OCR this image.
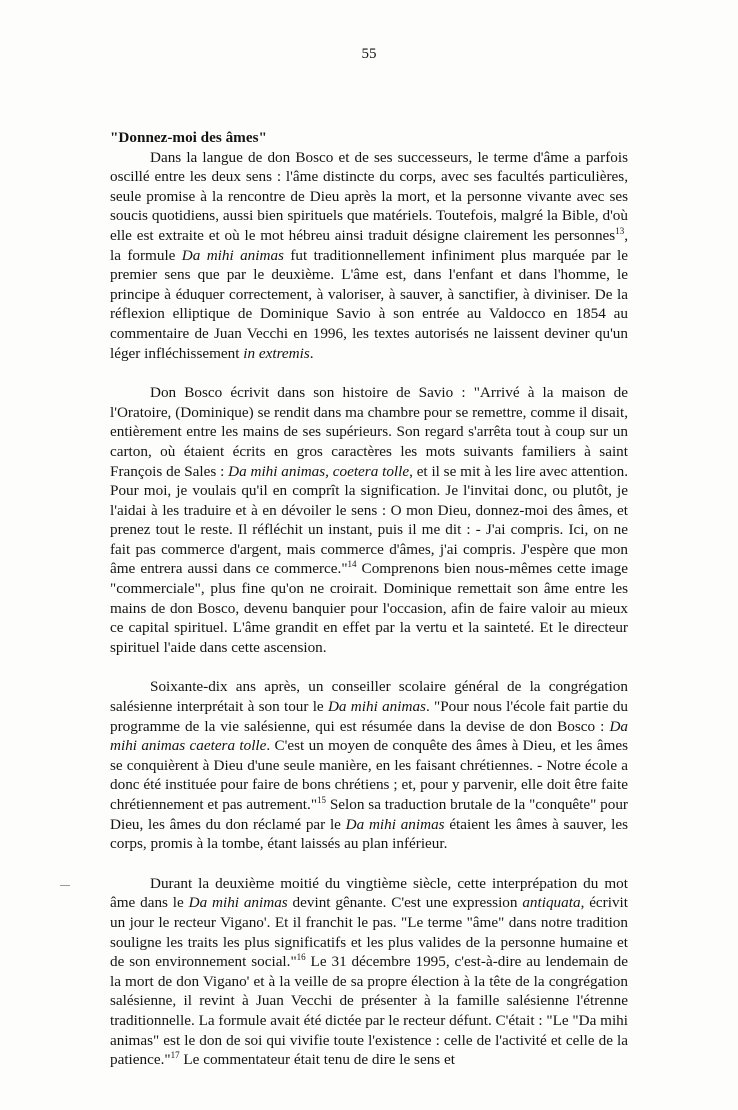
55
"Donnez-moi des âmes"

Dans la langue de don Bosco et de ses successeurs, le terme d'âme a parfois oscillé entre les deux sens : l'âme distincte du corps, avec ses facultés particulières, seule promise à la rencontre de Dieu après la mort, et la personne vivante avec ses soucis quotidiens, aussi bien spirituels que matériels. Toutefois, malgré la Bible, d'où elle est extraite et où le mot hébreu ainsi traduit désigne clairement les personnes$^{13}$, la formule Da mihi animas fut traditionnellement infiniment plus marquée par le premier sens que par le deuxième. L'âme est, dans l'enfant et dans l'homme, le principe à éduquer correctement, à valoriser, à sauver, à sanctifier, à diviniser. De la réflexion elliptique de Dominique Savio à son entrée au Valdocco en 1854 au commentaire de Juan Vecchi en 1996, les textes autorisés ne laissent deviner qu'un léger infléchissement in extremis.

Don Bosco écrivit dans son histoire de Savio : "Arrivé à la maison de l'Oratoire, (Dominique) se rendit dans ma chambre pour se remettre, comme il disait, entièrement entre les mains de ses supérieurs. Son regard s'arrêta tout à coup sur un carton, où étaient écrits en gros caractères les mots suivants familiers à saint François de Sales : Da mihi animas, coetera tolle, et il se mit à les lire avec attention. Pour moi, je voulais qu'il en comprît la signification. Je l'invitai donc, ou plutôt, je l'aidai à les traduire et à en dévoiler le sens : O mon Dieu, donnez-moi des âmes, et prenez tout le reste. Il réfléchit un instant, puis il me dit : - J'ai compris. Ici, on ne fait pas commerce d'argent, mais commerce d'âmes, j'ai compris. J'espère que mon âme entrera aussi dans ce commerce."$^{14}$ Comprenons bien nous-mêmes cette image "commerciale", plus fine qu'on ne croirait. Dominique remettait son âme entre les mains de don Bosco, devenu banquier pour l'occasion, afin de faire valoir au mieux ce capital spirituel. L'âme grandit en effet par la vertu et la sainteté. Et le directeur spirituel l'aide dans cette ascension.

Soixante-dix ans après, un conseiller scolaire général de la congrégation salésienne interprétait à son tour le Da mihi animas. "Pour nous l'école fait partie du programme de la vie salésienne, qui est résumée dans la devise de don Bosco : Da mihi animas caetera tolle. C'est un moyen de conquête des âmes à Dieu, et les âmes se conquièrent à Dieu d'une seule manière, en les faisant chrétiennes. - Notre école a donc été instituée pour faire de bons chrétiens ; et, pour y parvenir, elle doit être faite chrétiennement et pas autrement."$^{15}$ Selon sa traduction brutale de la "conquête" pour Dieu, les âmes du don réclamé par le Da mihi animas étaient les âmes à sauver, les corps, promis à la tombe, étant laissés au plan inférieur.

Durant la deuxième moitié du vingtième siècle, cette interprépation du mot âme dans le Da mihi animas devint gênante. C'est une expression antiquata, écrivit un jour le recteur Vigano'. Et il franchit le pas. "Le terme "âme" dans notre tradition souligne les traits les plus significatifs et les plus valides de la personne humaine et de son environnement social."$^{16}$ Le 31 décembre 1995, c'est-à-dire au lendemain de la mort de don Vigano' et à la veille de sa propre élection à la tête de la congrégation salésienne, il revint à Juan Vecchi de présenter à la famille salésienne l'étrenne traditionnelle. La formule avait été dictée par le recteur défunt. C'était : "Le "Da mihi animas" est le don de soi qui vivifie toute l'existence : celle de l'activité et celle de la patience."$^{17}$ Le commentateur était tenu de dire le sens et
